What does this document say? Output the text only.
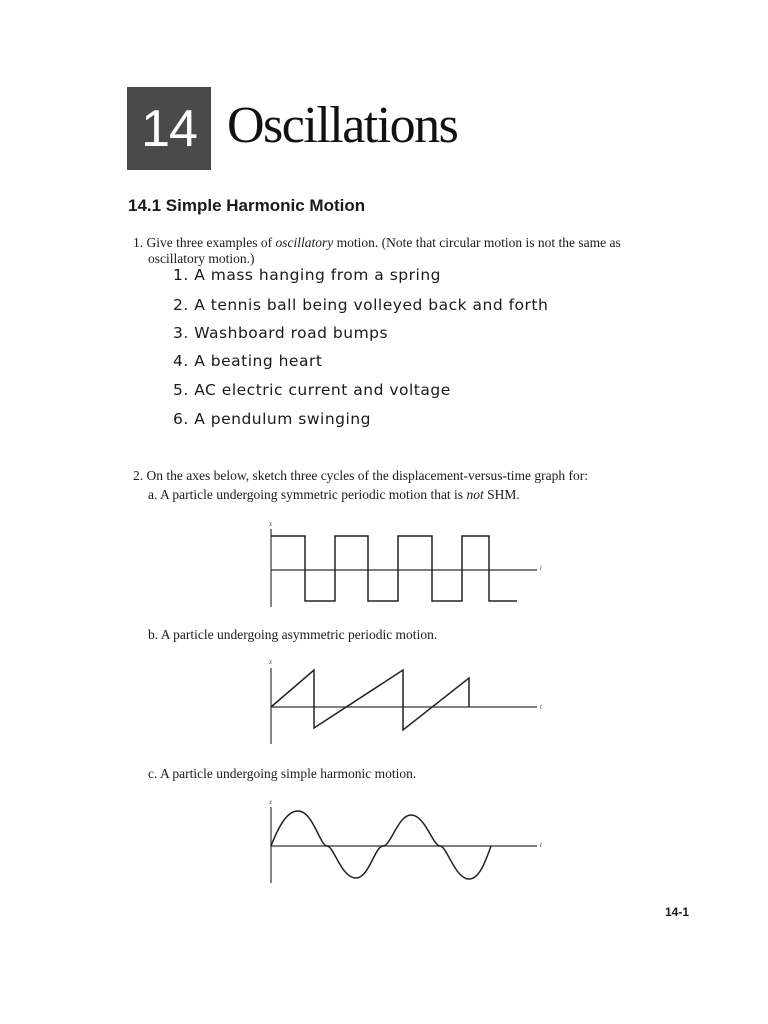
14 Oscillations
14.1 Simple Harmonic Motion
1. Give three examples of oscillatory motion. (Note that circular motion is not the same as
oscillatory motion.)
1. A mass hanging from a spring
2. A tennis ball being volleyed back and forth
3. Washboard road bumps
4. A beating heart
5. AC electric current and voltage
6. A pendulum swinging
2. On the axes below, sketch three cycles of the displacement-versus-time graph for:
a. A particle undergoing symmetric periodic motion that is not SHM.
x
t
b. A particle undergoing asymmetric periodic motion.
x
t
c. A particle undergoing simple harmonic motion.
x
t
14-1
